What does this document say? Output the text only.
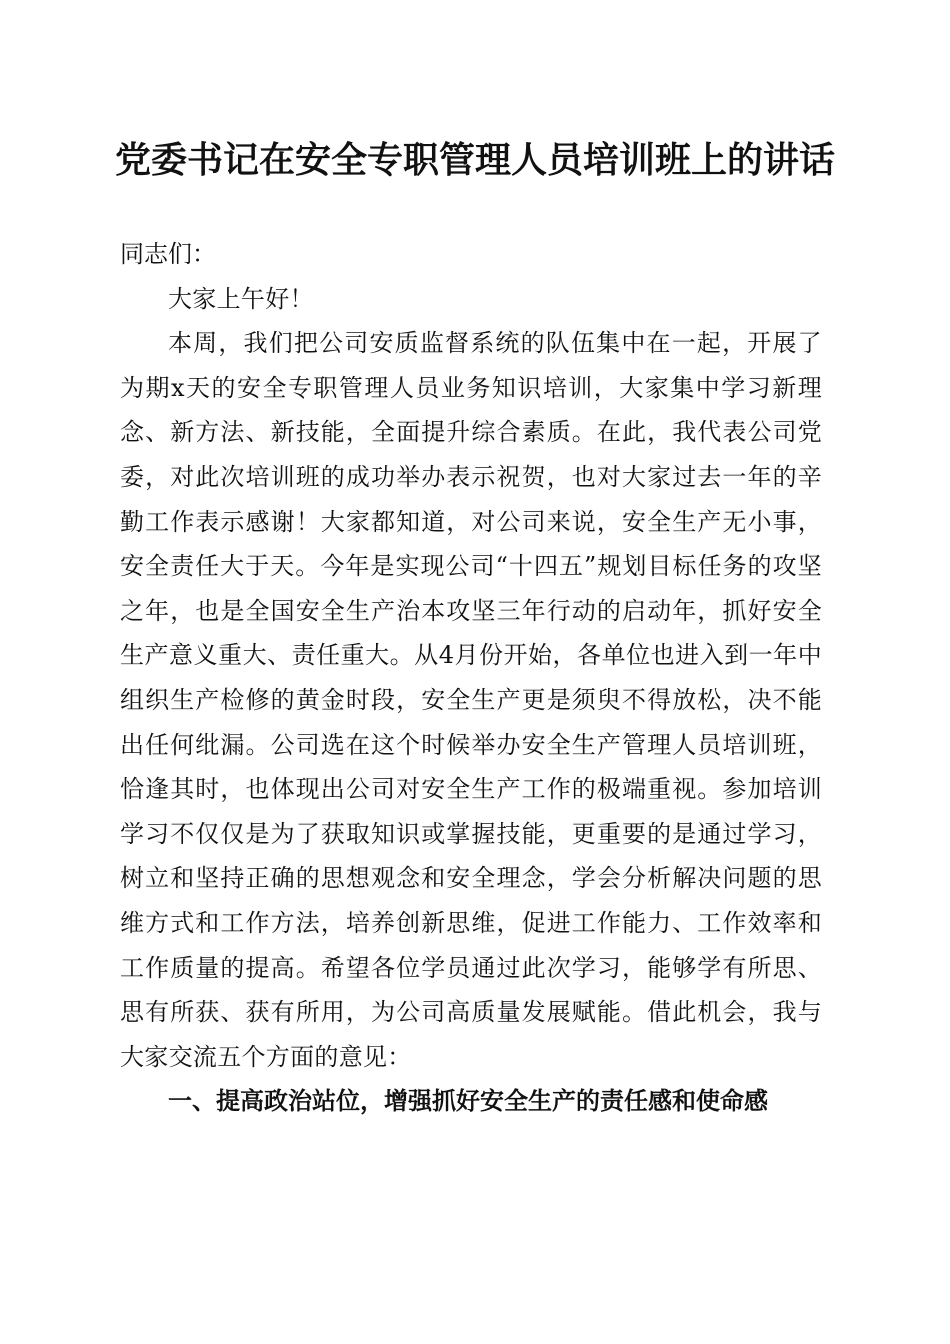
党委书记在安全专职管理人员培训班上的讲话

同志们：

大家上午好！

本周，我们把公司安质监督系统的队伍集中在一起，开展了为期x天的安全专职管理人员业务知识培训，大家集中学习新理念、新方法、新技能，全面提升综合素质。在此，我代表公司党委，对此次培训班的成功举办表示祝贺，也对大家过去一年的辛勤工作表示感谢！大家都知道，对公司来说，安全生产无小事，安全责任大于天。今年是实现公司“十四五”规划目标任务的攻坚之年，也是全国安全生产治本攻坚三年行动的启动年，抓好安全生产意义重大、责任重大。从4月份开始，各单位也进入到一年中组织生产检修的黄金时段，安全生产更是须臾不得放松，决不能出任何纰漏。公司选在这个时候举办安全生产管理人员培训班，恰逢其时，也体现出公司对安全生产工作的极端重视。参加培训学习不仅仅是为了获取知识或掌握技能，更重要的是通过学习，树立和坚持正确的思想观念和安全理念，学会分析解决问题的思维方式和工作方法，培养创新思维，促进工作能力、工作效率和工作质量的提高。希望各位学员通过此次学习，能够学有所思、思有所获、获有所用，为公司高质量发展赋能。借此机会，我与大家交流五个方面的意见：

一、提高政治站位，增强抓好安全生产的责任感和使命感
